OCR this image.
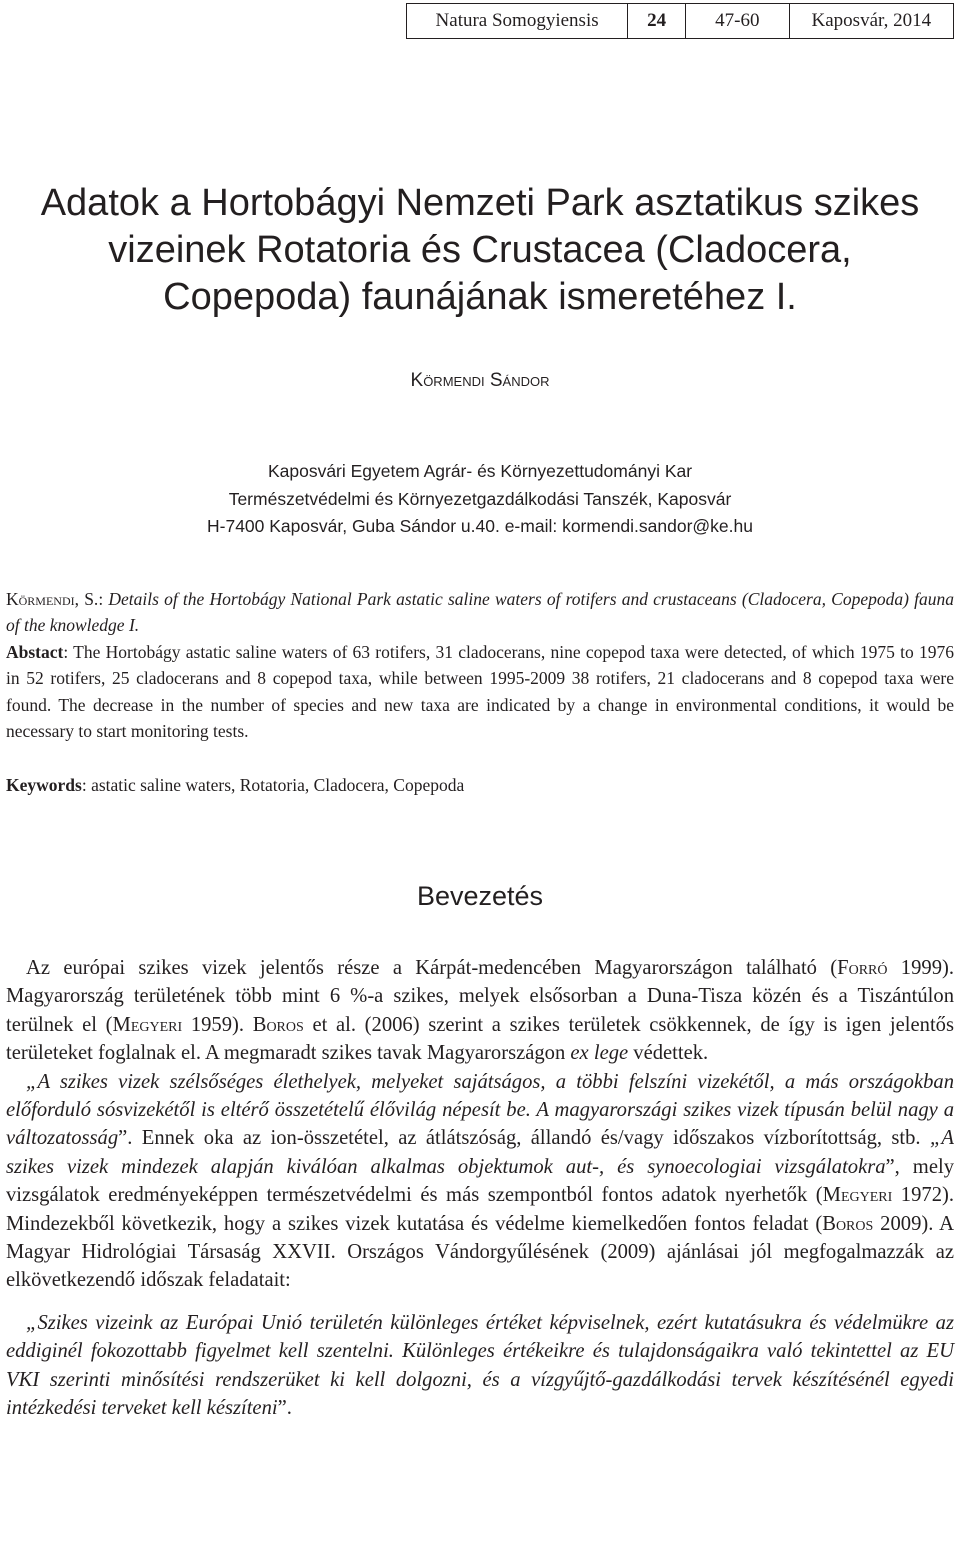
Natura Somogyiensis	24	47-60	Kaposvár, 2014
Adatok a Hortobágyi Nemzeti Park asztatikus szikes
vizeinek Rotatoria és Crustacea (Cladocera,
Copepoda) faunájának ismeretéhez I.
Körmendi Sándor
Kaposvári Egyetem Agrár- és Környezettudományi Kar
Természetvédelmi és Környezetgazdálkodási Tanszék, Kaposvár
H-7400 Kaposvár, Guba Sándor u.40. e-mail: kormendi.sandor@ke.hu

Körmendi, S.: Details of the Hortobágy National Park astatic saline waters of rotifers and crustaceans (Cladocera, Copepoda) fauna of the knowledge I.

Abstact: The Hortobágy astatic saline waters of 63 rotifers, 31 cladocerans, nine copepod taxa were detected, of which 1975 to 1976 in 52 rotifers, 25 cladocerans and 8 copepod taxa, while between 1995-2009 38 rotifers, 21 cladocerans and 8 copepod taxa were found. The decrease in the number of species and new taxa are indicated by a change in environmental conditions, it would be necessary to start monitoring tests.

Keywords: astatic saline waters, Rotatoria, Cladocera, Copepoda
Bevezetés

Az európai szikes vizek jelentős része a Kárpát-medencében Magyarországon található (Forró 1999). Magyarország területének több mint 6 %-a szikes, melyek elsősorban a Duna-Tisza közén és a Tiszántúlon terülnek el (Megyeri 1959). Boros et al. (2006) szerint a szikes területek csökkennek, de így is igen jelentős területeket foglalnak el. A megmaradt szikes tavak Magyarországon ex lege védettek.

„A szikes vizek szélsőséges élethelyek, melyeket sajátságos, a többi felszíni vizekétől, a más országokban előforduló sósvizekétől is eltérő összetételű élővilág népesít be. A magyarországi szikes vizek típusán belül nagy a változatosság”. Ennek oka az ion-összetétel, az átlátszóság, állandó és/vagy időszakos vízborítottság, stb. „A szikes vizek mindezek alapján kiválóan alkalmas objektumok aut-, és synoecologiai vizsgálatokra”, mely vizsgálatok eredményeképpen természetvédelmi és más szempontból fontos adatok nyerhetők (Megyeri 1972). Mindezekből következik, hogy a szikes vizek kutatása és védelme kiemelkedően fontos feladat (Boros 2009). A Magyar Hidrológiai Társaság XXVII. Országos Vándorgyűlésének (2009) ajánlásai jól megfogalmazzák az elkövetkezendő időszak feladatait:

„Szikes vizeink az Európai Unió területén különleges értéket képviselnek, ezért kutatásukra és védelmükre az eddiginél fokozottabb figyelmet kell szentelni. Különleges értékeikre és tulajdonságaikra való tekintettel az EU VKI szerinti minősítési rendszerüket ki kell dolgozni, és a vízgyűjtő-gazdálkodási tervek készítésénél egyedi intézkedési terveket kell készíteni”.
